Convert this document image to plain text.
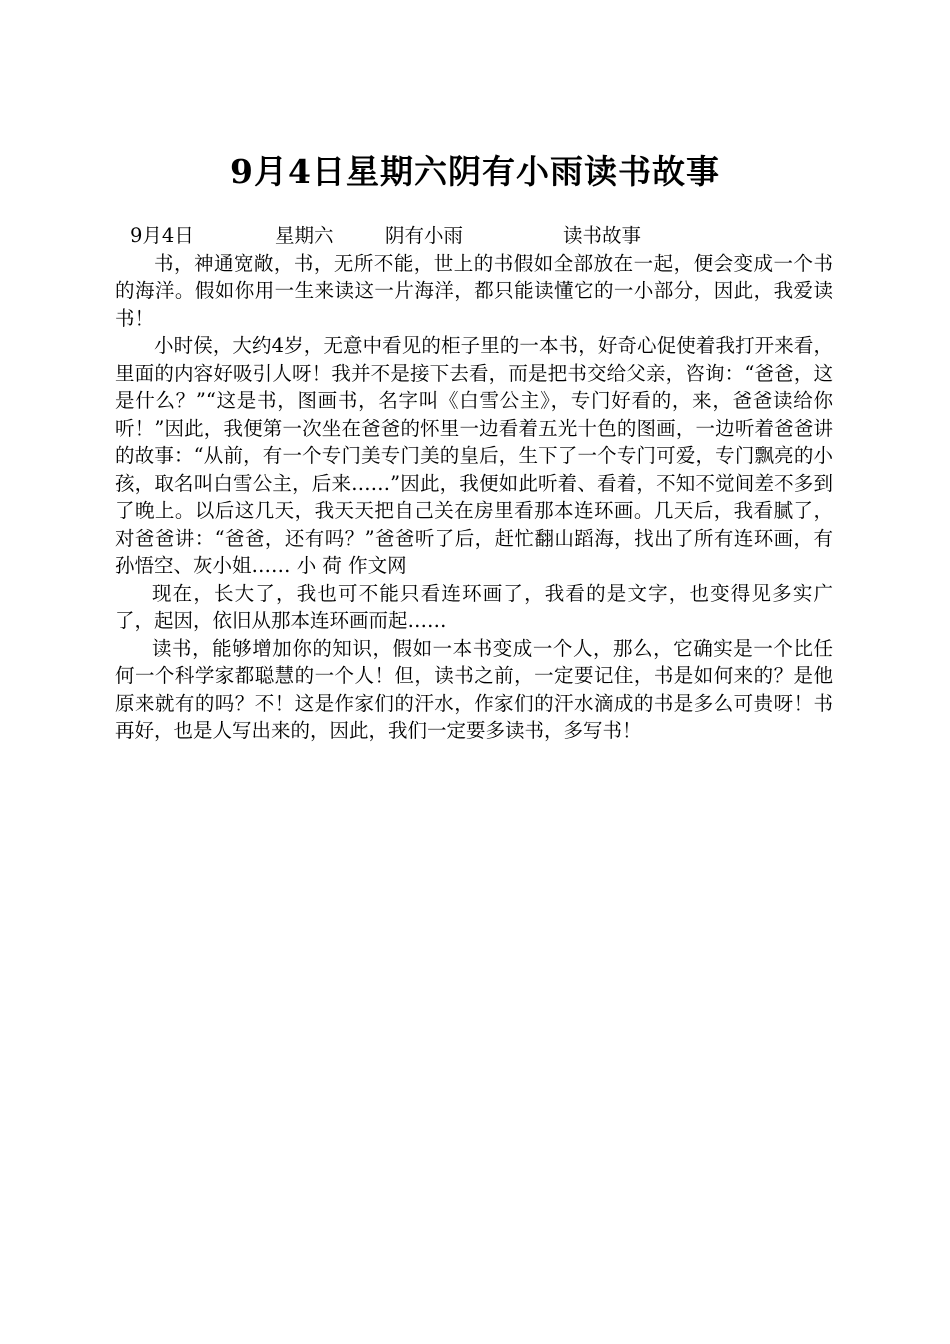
9月4日星期六阴有小雨读书故事
9月4日	星期六	阴有小雨	读书故事

书，神通宽敞，书，无所不能，世上的书假如全部放在一起，便会变成一个书的海洋。假如你用一生来读这一片海洋，都只能读懂它的一小部分，因此，我爱读书！

小时侯，大约4岁，无意中看见的柜子里的一本书，好奇心促使着我打开来看，里面的内容好吸引人呀！我并不是接下去看，而是把书交给父亲，咨询：“爸爸，这是什么？”“这是书，图画书，名字叫《白雪公主》，专门好看的，来，爸爸读给你听！”因此，我便第一次坐在爸爸的怀里一边看着五光十色的图画，一边听着爸爸讲的故事：“从前，有一个专门美专门美的皇后，生下了一个专门可爱，专门飘亮的小孩，取名叫白雪公主，后来……”因此，我便如此听着、看着，不知不觉间差不多到了晚上。以后这几天，我天天把自己关在房里看那本连环画。几天后，我看腻了，对爸爸讲：“爸爸，还有吗？”爸爸听了后，赶忙翻山蹈海，找出了所有连环画，有孙悟空、灰小姐…… 小 荷 作文网

现在，长大了，我也可不能只看连环画了，我看的是文字，也变得见多实广了，起因，依旧从那本连环画而起……

读书，能够增加你的知识，假如一本书变成一个人，那么，它确实是一个比任何一个科学家都聪慧的一个人！但，读书之前，一定要记住，书是如何来的？是他原来就有的吗？不！这是作家们的汗水，作家们的汗水滴成的书是多么可贵呀！书再好，也是人写出来的，因此，我们一定要多读书，多写书！
